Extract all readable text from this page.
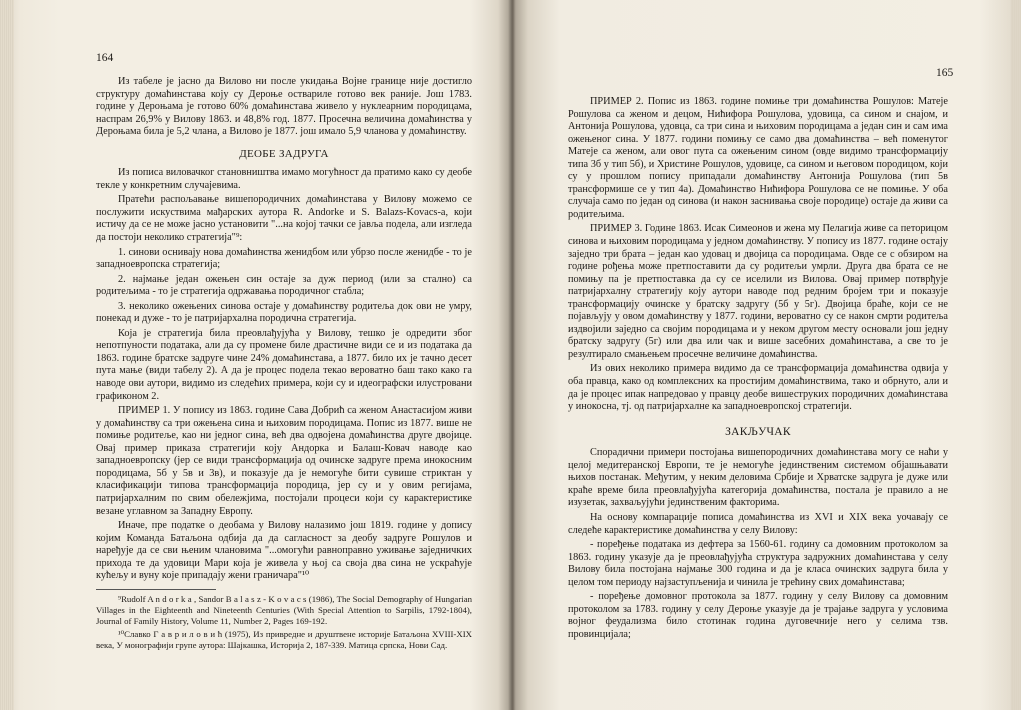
164

Из табеле је јасно да Вилово ни после укидања Војне границе није достигло структуру домаћинстава коју су Дероње оствариле готово век раније. Још 1783. године у Дероњама је готово 60% домаћинстава живело у нуклеарним породицама, наспрам 26,9% у Вилову 1863. и 48,8% год. 1877. Просечна величина домаћинства у Дероњама била је 5,2 члана, а Вилово је 1877. још имало 5,9 чланова у домаћинству.

ДЕОБЕ ЗАДРУГА

Из пописа виловачког становништва имамо могућност да пратимо како су деобе текле у конкретним случајевима.

Пратећи распољавање вишепородичних домаћинстава у Вилову можемо се послужити искуствима мађарских аутора R. Andorke и S. Balazs-Kovacs-а, који истичу да се не може јасно установити "...на којој тачки се јавља подела, али изгледа да постоји неколико стратегија"⁹:

1. синови оснивају нова домаћинства женидбом или убрзо после женидбе - то је западноевропска стратегија;

2. најмање један ожењен син остаје за дуж период (или за стално) са родитељима - то је стратегија одржавања породичног стабла;

3. неколико ожењених синова остаје у домаћинству родитеља док ови не умру, понекад и дуже - то је патријархална породична стратегија.

Која је стратегија била преовлађујућа у Вилову, тешко је одредити због непотпуности података, али да су промене биле драстичне види се и из података да 1863. године братске задруге чине 24% домаћинстава, а 1877. било их је тачно десет пута мање (види табелу 2). А да је процес подела текао вероватно баш тако како га наводе ови аутори, видимо из следећих примера, који су и идеографски илустровани графиконом 2.

ПРИМЕР 1. У попису из 1863. године Сава Добрић са женом Анастасијом живи у домаћинству са три ожењена сина и њиховим породицама. Попис из 1877. више не помиње родитеље, као ни једног сина, већ два одвојена домаћинства друге двојице. Овај пример приказа стратегији коју Андорка и Балаш-Ковач наводе као западноевропску (јер се види трансформација од очинске задруге према инокосним породицама, 5б у 5в и 3в), и показује да је немогуће бити сувише стриктан у класификацији типова трансформација породица, јер су и у овим регијама, патријархалним по свим обележјима, постојали процеси који су карактеристике везане углавном за Западну Европу.

Иначе, пре податке о деобама у Вилову налазимо још 1819. године у допису којим Команда Батаљона одбија да да сагласност за деобу задруге Рошулов и наређује да се сви њеним члановима "...омогући равноправно уживање заједничких прихода те да удовици Мари која је живела у њој са своја два сина не ускраћује кућељу и вуну које припадају жени граничара"¹⁰

⁹Rudolf A n d o r k a , Sandor B a l a s z - K o v a c s (1986), The Social Demography of Hungarian Villages in the Eighteenth and Nineteenth Centuries (With Special Attention to Sarpilis, 1792-1804), Journal of Family History, Volume 11, Number 2, Pages 169-192.

¹⁰Славко Г а в р и л о в и ћ (1975), Из привредне и друштвене историје Батаљона XVIII-XIX века, У монографији групе аутора: Шајкашка, Историја 2, 187-339. Матица српска, Нови Сад.

165

ПРИМЕР 2. Попис из 1863. године помиње три домаћинства Рошулов: Матеје Рошулова са женом и децом, Нићифора Рошулова, удовица, са сином и снајом, и Антонија Рошулова, удовца, са три сина и њиховим породицама а један син и сам има ожењеног сина. У 1877. години помињу се само два домаћинства – већ поменутог Матеје са женом, али овог пута са ожењеним сином (овде видимо трансформацију типа 3б у тип 5б), и Христине Рошулов, удовице, са сином и његовом породицом, који су у прошлом попису припадали домаћинству Антонија Рошулова (тип 5в трансформише се у тип 4а). Домаћинство Нићифора Рошулова се не помиње. У оба случаја само по један од синова (и након заснивања своје породице) остаје да живи са родитељима.

ПРИМЕР 3. Године 1863. Исак Симеонов и жена му Пелагија живе са петорицом синова и њиховим породицама у једном домаћинству. У попису из 1877. године остају заједно три брата – један као удовац и двојица са породицама. Овде се с обзиром на године рођења може претпоставити да су родитељи умрли. Друга два брата се не помињу па је претпоставка да су се иселили из Вилова. Овај пример потврђује патријархалну стратегију коју аутори наводе под редним бројем три и показује трансформацију очинске у братску задругу (5б у 5г). Двојица браће, који се не појављују у овом домаћинству у 1877. години, вероватно су се након смрти родитеља издвојили заједно са својим породицама и у неком другом месту основали још једну братску задругу (5г) или два или чак и више засебних домаћинстава, а све то је резултирало смањењем просечне величине домаћинства.

Из ових неколико примера видимо да се трансформација домаћинства одвија у оба правца, како од комплексних ка простијим домаћинствима, тако и обрнуто, али и да је процес ипак напредовао у правцу деобе вишеструких породичних домаћинстава у инокосна, тј. од патријархалне ка западноевропској стратегији.

ЗАКЉУЧАК

Спорадични примери постојања вишепородичних домаћинстава могу се наћи у целој медитеранској Европи, те је немогуће јединственим системом објашњавати њихов постанак. Међутим, у неким деловима Србије и Хрватске задруга је дуже или краће време била преовлађујућа категорија домаћинства, постала је правило а не изузетак, захваљујући јединственим факторима.

На основу компарације пописа домаћинства из XVI и XIX века уочавају се следеће карактеристике домаћинства у селу Вилову:

- поређење података из дефтера за 1560-61. годину са домовним протоколом за 1863. годину указује да је преовлађујућа структура задружних домаћинстава у селу Вилову била постојана најмање 300 година и да је класа очинских задруга била у целом том периоду најзаступљенија и чинила је трећину свих домаћинстава;

- поређење домовног протокола за 1877. годину у селу Вилову са домовним протоколом за 1783. годину у селу Дероње указује да је трајање задруга у условима војног феудализма било стотинак година дуговечније него у селима тзв. провинцијала;
